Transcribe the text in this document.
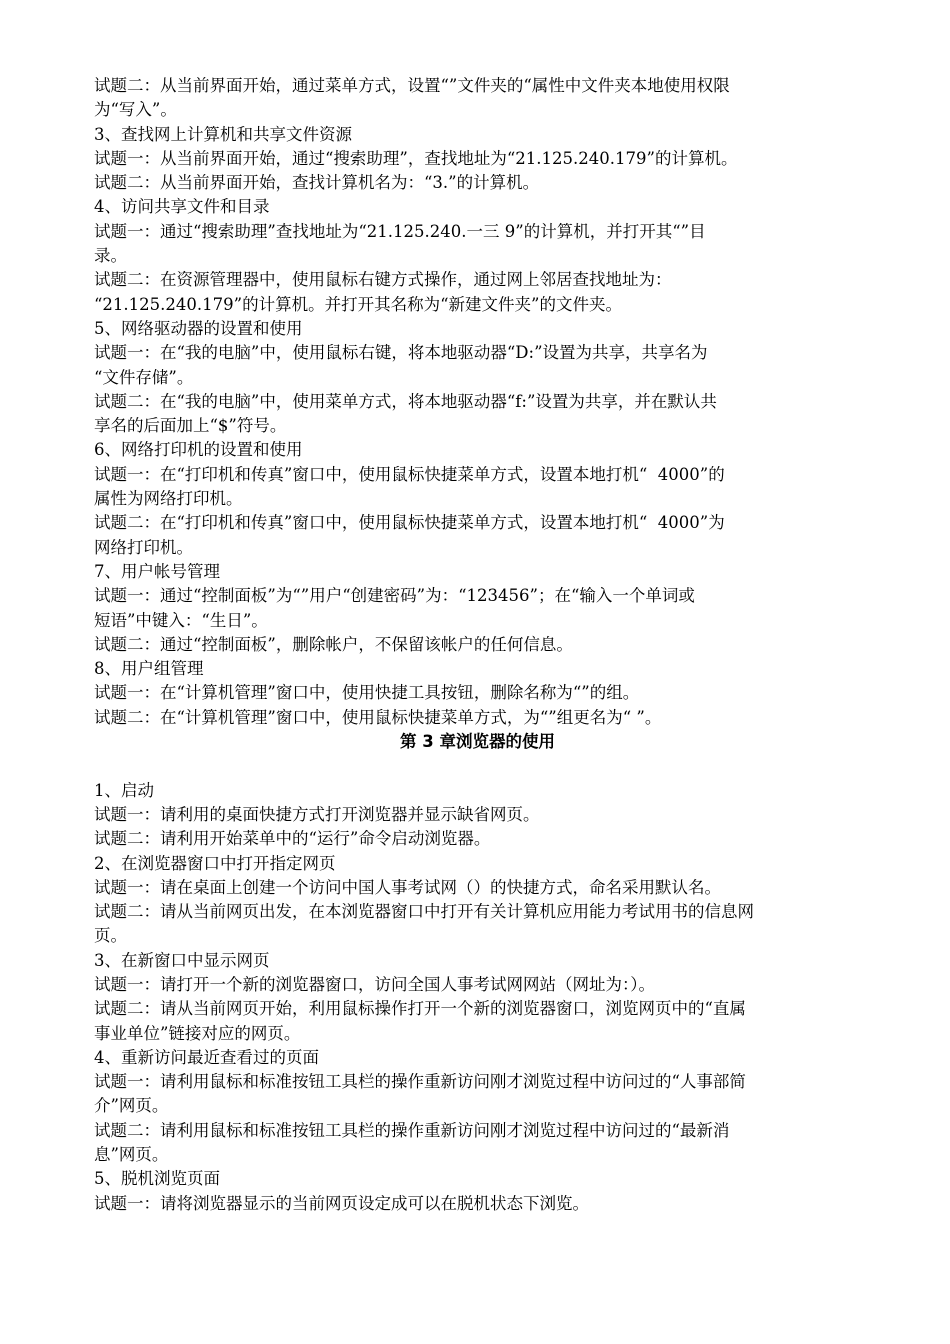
试题二：从当前界面开始，通过菜单方式，设置“”文件夹的“属性中文件夹本地使用权限
为“写入”。
3、查找网上计算机和共享文件资源
试题一：从当前界面开始，通过“搜索助理”，查找地址为“21.125.240.179”的计算机。
试题二：从当前界面开始，查找计算机名为：“3.”的计算机。
4、访问共享文件和目录
试题一：通过“搜索助理”查找地址为“21.125.240.一三 9”的计算机，并打开其“”目
录。
试题二：在资源管理器中，使用鼠标右键方式操作，通过网上邻居查找地址为：
“21.125.240.179”的计算机。并打开其名称为“新建文件夹”的文件夹。
5、网络驱动器的设置和使用
试题一：在“我的电脑”中，使用鼠标右键，将本地驱动器“D:”设置为共享，共享名为
“文件存储”。
试题二：在“我的电脑”中，使用菜单方式，将本地驱动器“f:”设置为共享，并在默认共
享名的后面加上“$”符号。
6、网络打印机的设置和使用
试题一：在“打印机和传真”窗口中，使用鼠标快捷菜单方式，设置本地打机“  4000”的
属性为网络打印机。
试题二：在“打印机和传真”窗口中，使用鼠标快捷菜单方式，设置本地打机“  4000”为
网络打印机。
7、用户帐号管理
试题一：通过“控制面板”为“”用户“创建密码”为：“123456”；在“输入一个单词或
短语”中键入：“生日”。
试题二：通过“控制面板”，删除帐户，不保留该帐户的任何信息。
8、用户组管理
试题一：在“计算机管理”窗口中，使用快捷工具按钮，删除名称为“”的组。
试题二：在“计算机管理”窗口中，使用鼠标快捷菜单方式，为“”组更名为“ ”。
第 3 章浏览器的使用
1、启动
试题一：请利用的桌面快捷方式打开浏览器并显示缺省网页。
试题二：请利用开始菜单中的“运行”命令启动浏览器。
2、在浏览器窗口中打开指定网页
试题一：请在桌面上创建一个访问中国人事考试网（）的快捷方式，命名采用默认名。
试题二：请从当前网页出发，在本浏览器窗口中打开有关计算机应用能力考试用书的信息网
页。
3、在新窗口中显示网页
试题一：请打开一个新的浏览器窗口，访问全国人事考试网网站（网址为：）。
试题二：请从当前网页开始，利用鼠标操作打开一个新的浏览器窗口，浏览网页中的“直属
事业单位”链接对应的网页。
4、重新访问最近查看过的页面
试题一：请利用鼠标和标准按钮工具栏的操作重新访问刚才浏览过程中访问过的“人事部简
介”网页。
试题二：请利用鼠标和标准按钮工具栏的操作重新访问刚才浏览过程中访问过的“最新消
息”网页。
5、脱机浏览页面
试题一：请将浏览器显示的当前网页设定成可以在脱机状态下浏览。
